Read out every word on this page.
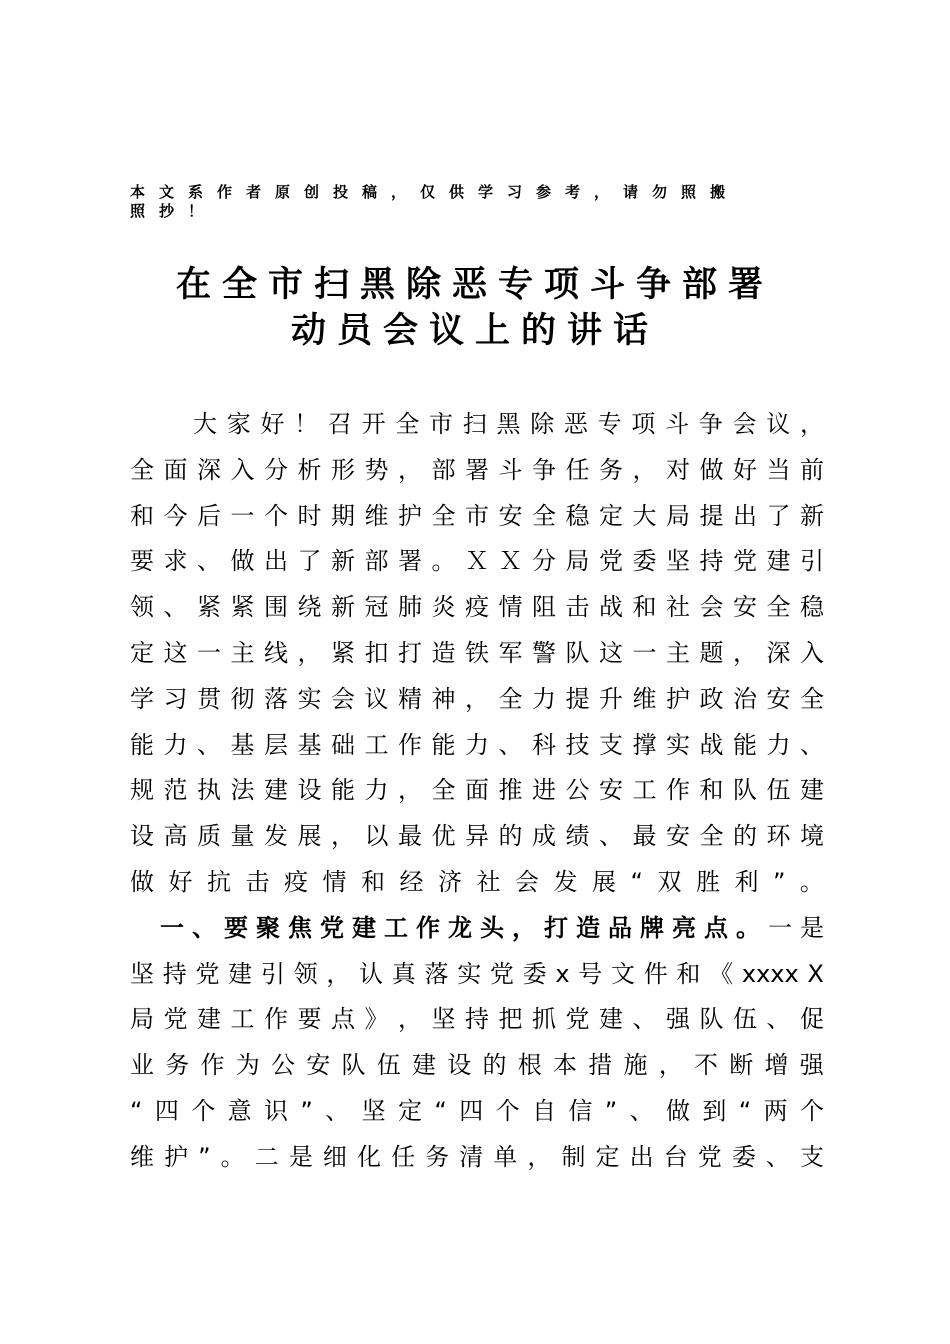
本文系作者原创投稿，仅供学习参考，请勿照搬
照抄！
在全市扫黑除恶专项斗争部署
动员会议上的讲话
大 家 好 ！ 召 开 全 市 扫 黑 除 恶 专 项 斗 争 会 议 ，
全 面 深 入 分 析 形 势 ， 部 署 斗 争 任 务 ， 对 做 好 当 前
和 今 后 一 个 时 期 维 护 全 市 安 全 稳 定 大 局 提 出 了 新
要 求 、 做 出 了 新 部 署 。 Ｘ Ｘ 分 局 党 委 坚 持 党 建 引
领 、 紧 紧 围 绕 新 冠 肺 炎 疫 情 阻 击 战 和 社 会 安 全 稳
定 这 一 主 线 ， 紧 扣 打 造 铁 军 警 队 这 一 主 题 ， 深 入
学 习 贯 彻 落 实 会 议 精 神 ， 全 力 提 升 维 护 政 治 安 全
能 力 、 基 层 基 础 工 作 能 力 、 科 技 支 撑 实 战 能 力 、
规 范 执 法 建 设 能 力 ， 全 面 推 进 公 安 工 作 和 队 伍 建
设 高 质 量 发 展 ， 以 最 优 异 的 成 绩 、 最 安 全 的 环 境
做 好 抗 击 疫 情 和 经 济 社 会 发 展 “ 双 胜 利 ” 。
一 、 要 聚 焦 党 建 工 作 龙 头 ， 打 造 品 牌 亮 点 。 一 是
坚 持 党 建 引 领 ， 认 真 落 实 党 委 x 号 文 件 和 《 xxxx X
局 党 建 工 作 要 点 》 ， 坚 持 把 抓 党 建 、 强 队 伍 、 促
业 务 作 为 公 安 队 伍 建 设 的 根 本 措 施 ， 不 断 增 强
“ 四 个 意 识 ” 、 坚 定 “ 四 个 自 信 ” 、 做 到 “ 两 个
维 护 ” 。 二 是 细 化 任 务 清 单 ， 制 定 出 台 党 委 、 支
